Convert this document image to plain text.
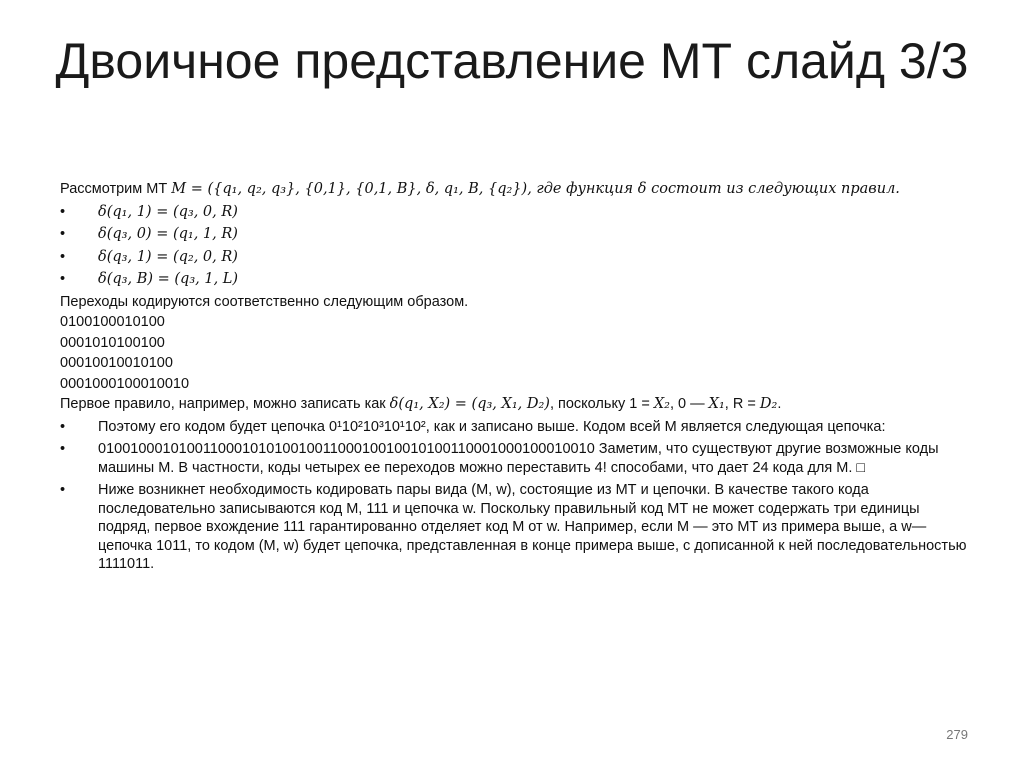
Двоичное представление МТ слайд 3/3

Рассмотрим МТ M = ({q₁, q₂, q₃}, {0,1}, {0,1, B}, δ, q₁, B, {q₂}), где функция δ состоит из следующих правил.

•	δ(q₁, 1) = (q₃, 0, R)
•	δ(q₃, 0) = (q₁, 1, R)
•	δ(q₃, 1) = (q₂, 0, R)
•	δ(q₃, B) = (q₃, 1, L)

Переходы кодируются соответственно следующим образом.

0100100010100

0001010100100

00010010010100

0001000100010010

Первое правило, например, можно записать как δ(q₁, X₂) = (q₃, X₁, D₂), поскольку 1 = X₂, 0 — X₁, R = D₂.

•	Поэтому его кодом будет цепочка 0¹10²10³10¹10², как и записано выше. Кодом всей М является следующая цепочка:
•	01001000101001100010101001001100010010010100110001000100010010 Заметим, что существуют другие возможные коды машины М. В частности, коды четырех ее переходов можно переставить 4! способами, что дает 24 кода для М. □
•	Ниже возникнет необходимость кодировать пары вида (М, w), состоящие из МТ и цепочки. В качестве такого кода последовательно записываются код М, 111 и цепочка w. Поскольку правильный код МТ не может содержать три единицы подряд, первое вхождение 111 гарантированно отделяет код М от w. Например, если М — это МТ из примера выше, а w— цепочка 1011, то кодом (М, w) будет цепочка, представленная в конце примера выше, с дописанной к ней последовательностью 1111011.
279
